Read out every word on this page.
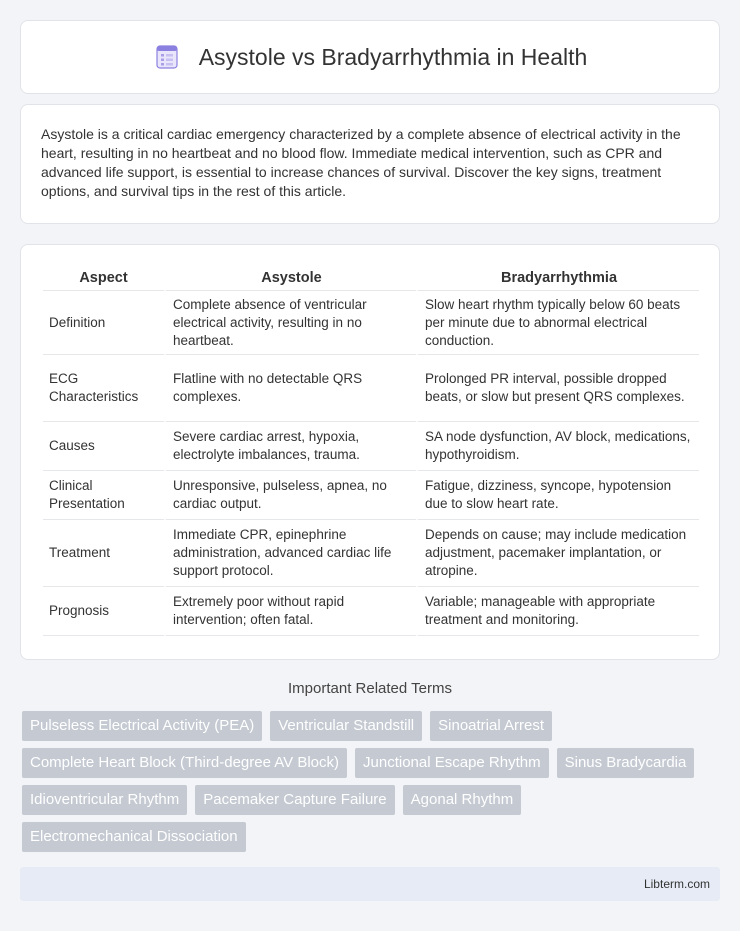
Asystole vs Bradyarrhythmia in Health

Asystole is a critical cardiac emergency characterized by a complete absence of electrical activity in the heart, resulting in no heartbeat and no blood flow. Immediate medical intervention, such as CPR and advanced life support, is essential to increase chances of survival. Discover the key signs, treatment options, and survival tips in the rest of this article.

Aspect	Asystole	Bradyarrhythmia
Definition	Complete absence of ventricular electrical activity, resulting in no heartbeat.	Slow heart rhythm typically below 60 beats per minute due to abnormal electrical conduction.
ECG Characteristics	Flatline with no detectable QRS complexes.	Prolonged PR interval, possible dropped beats, or slow but present QRS complexes.
Causes	Severe cardiac arrest, hypoxia, electrolyte imbalances, trauma.	SA node dysfunction, AV block, medications, hypothyroidism.
Clinical Presentation	Unresponsive, pulseless, apnea, no cardiac output.	Fatigue, dizziness, syncope, hypotension due to slow heart rate.
Treatment	Immediate CPR, epinephrine administration, advanced cardiac life support protocol.	Depends on cause; may include medication adjustment, pacemaker implantation, or atropine.
Prognosis	Extremely poor without rapid intervention; often fatal.	Variable; manageable with appropriate treatment and monitoring.
Important Related Terms
Pulseless Electrical Activity (PEA)	Ventricular Standstill	Sinoatrial Arrest
Complete Heart Block (Third-degree AV Block)	Junctional Escape Rhythm	Sinus Bradycardia
Idioventricular Rhythm	Pacemaker Capture Failure	Agonal Rhythm
Electromechanical Dissociation
Libterm.com
